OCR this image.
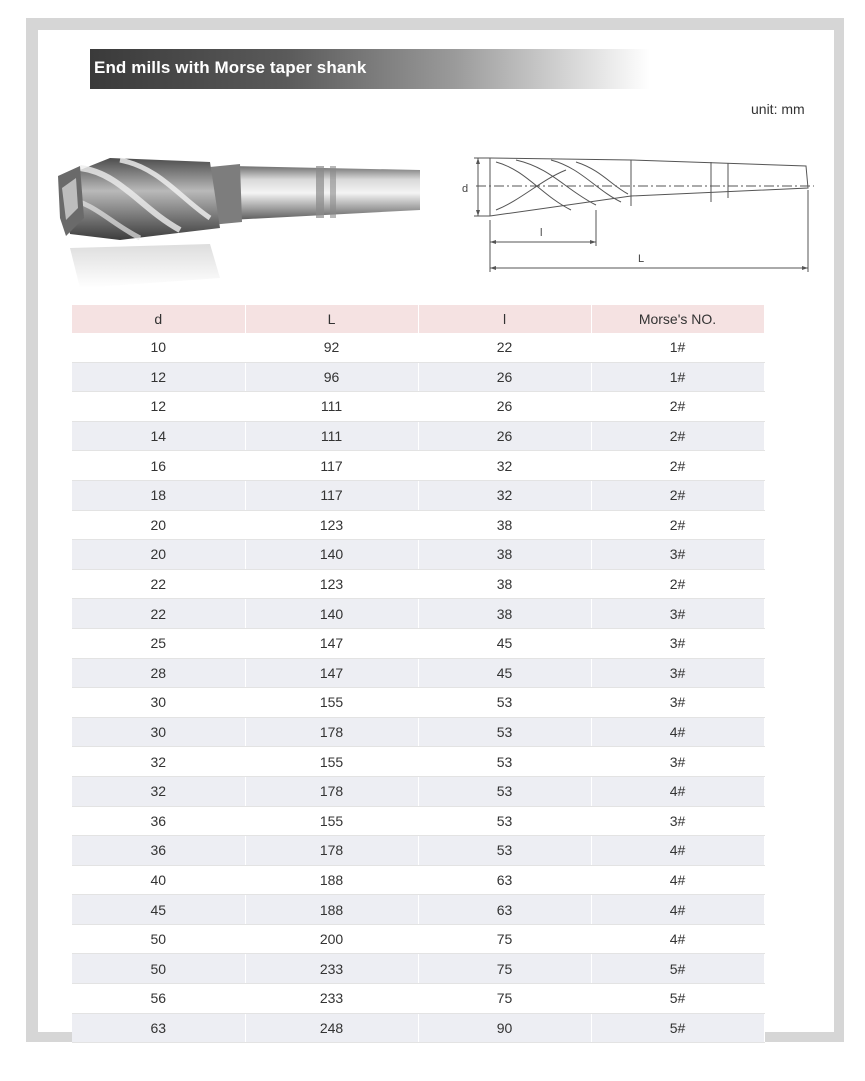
End mills with Morse taper shank
unit: mm
d
l
L
d	L	l	Morse's NO.
10	92	22	1#
12	96	26	1#
12	111	26	2#
14	111	26	2#
16	117	32	2#
18	117	32	2#
20	123	38	2#
20	140	38	3#
22	123	38	2#
22	140	38	3#
25	147	45	3#
28	147	45	3#
30	155	53	3#
30	178	53	4#
32	155	53	3#
32	178	53	4#
36	155	53	3#
36	178	53	4#
40	188	63	4#
45	188	63	4#
50	200	75	4#
50	233	75	5#
56	233	75	5#
63	248	90	5#
